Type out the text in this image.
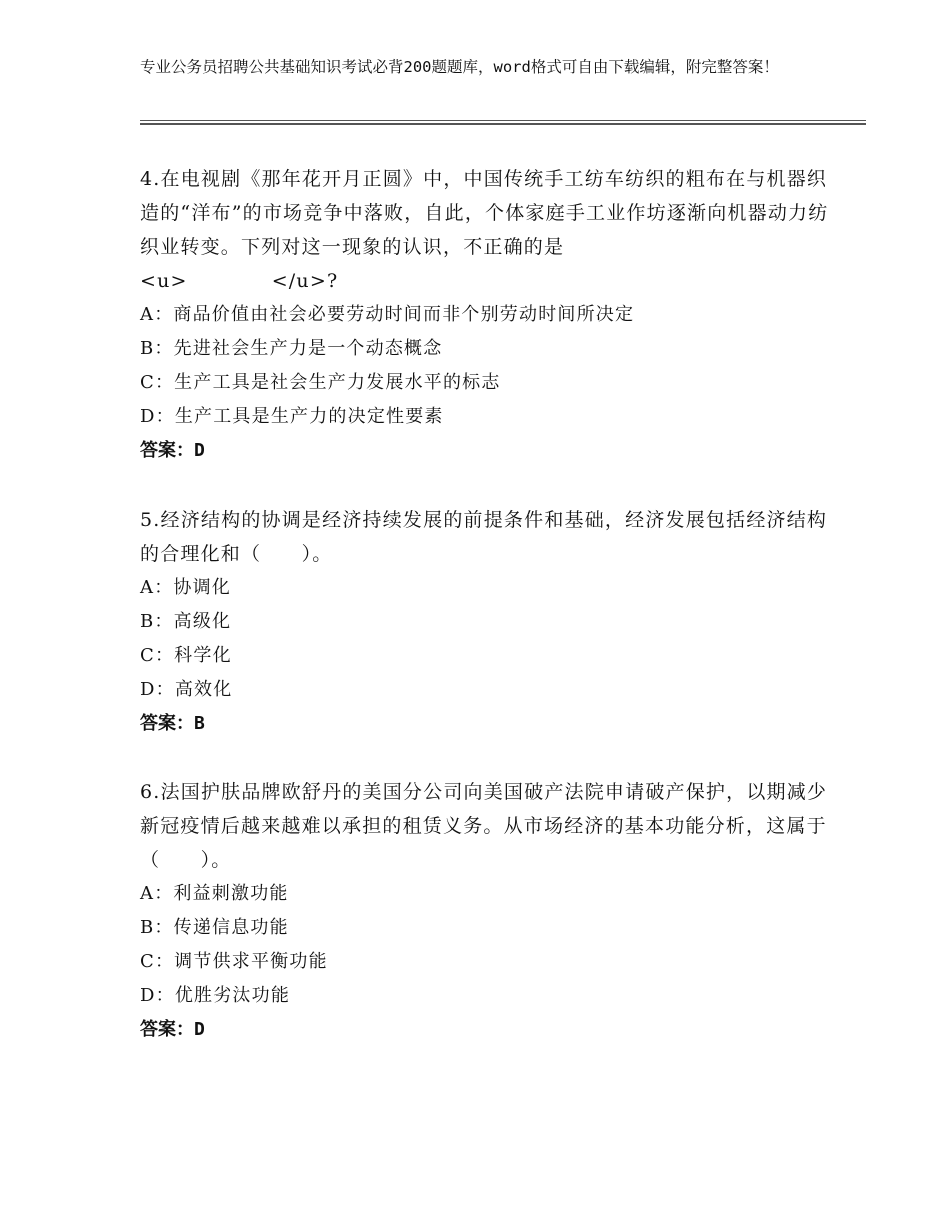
专业公务员招聘公共基础知识考试必背200题题库，word格式可自由下载编辑，附完整答案！

4.在电视剧《那年花开月正圆》中，中国传统手工纺车纺织的粗布在与机器织造的“洋布”的市场竞争中落败，自此，个体家庭手工业作坊逐渐向机器动力纺织业转变。下列对这一现象的认识，不正确的是
<u>	</u>?

A：商品价值由社会必要劳动时间而非个别劳动时间所决定

B：先进社会生产力是一个动态概念

C：生产工具是社会生产力发展水平的标志

D：生产工具是生产力的决定性要素

答案：D

5.经济结构的协调是经济持续发展的前提条件和基础，经济发展包括经济结构的合理化和（　　）。

A：协调化

B：高级化

C：科学化

D：高效化

答案：B

6.法国护肤品牌欧舒丹的美国分公司向美国破产法院申请破产保护，以期减少新冠疫情后越来越难以承担的租赁义务。从市场经济的基本功能分析，这属于（　　）。

A：利益刺激功能

B：传递信息功能

C：调节供求平衡功能

D：优胜劣汰功能

答案：D
